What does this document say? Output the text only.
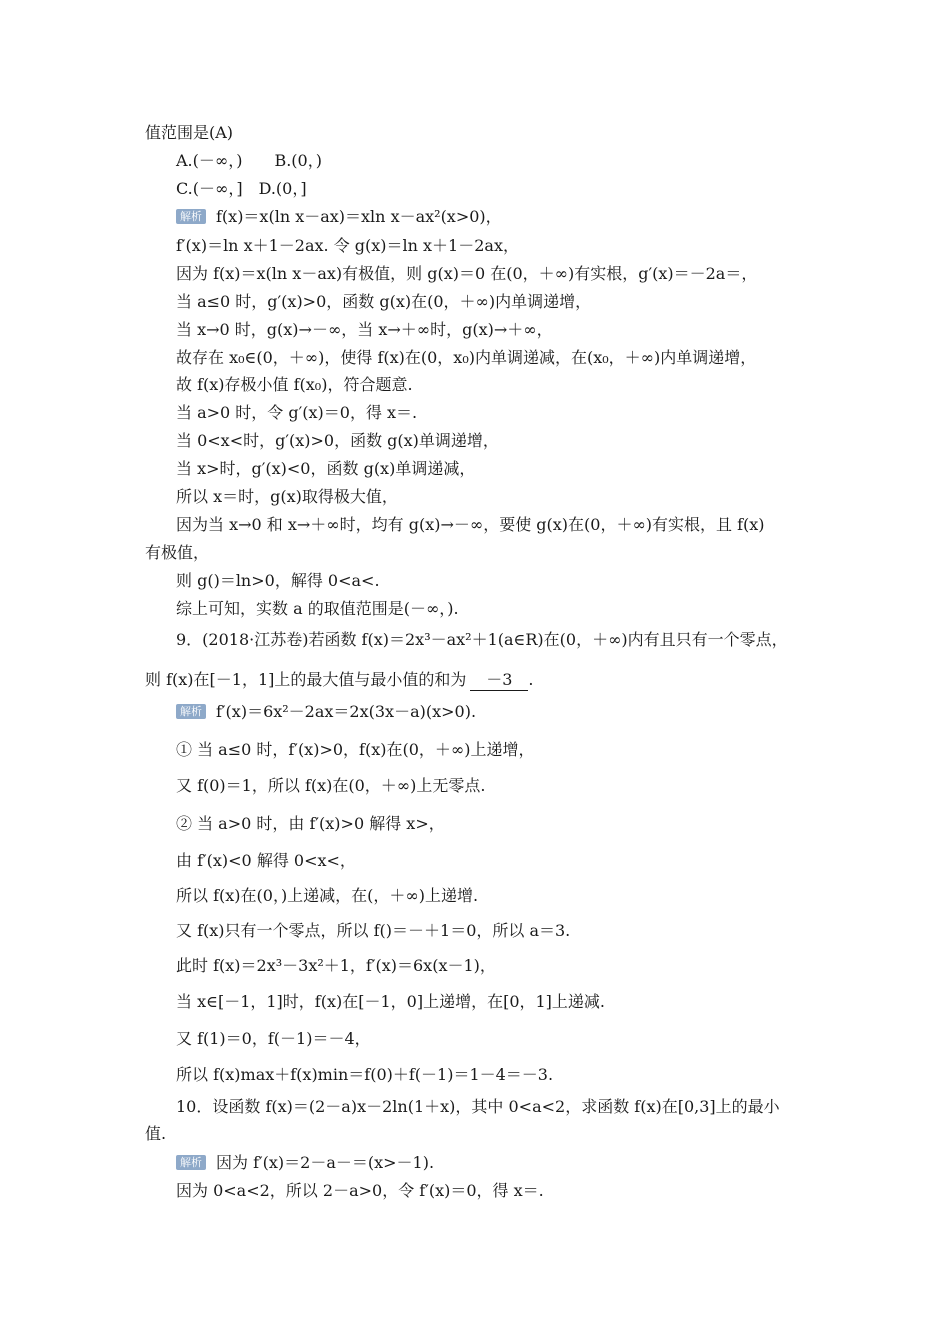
值范围是(A)
A.(－∞，)　　B.(0，)
C.(－∞，]　D.(0，]
解析 f(x)＝x(ln x－ax)＝xln x－ax²(x>0)，
f′(x)＝ln x＋1－2ax. 令 g(x)＝ln x＋1－2ax，
因为 f(x)＝x(ln x－ax)有极值，则 g(x)＝0 在(0，＋∞)有实根，g′(x)＝－2a＝，
当 a≤0 时，g′(x)>0，函数 g(x)在(0，＋∞)内单调递增，
当 x→0 时，g(x)→－∞，当 x→＋∞时，g(x)→＋∞，
故存在 x₀∈(0，＋∞)，使得 f(x)在(0，x₀)内单调递减，在(x₀，＋∞)内单调递增，
故 f(x)存极小值 f(x₀)，符合题意.
当 a>0 时，令 g′(x)＝0，得 x＝.
当 0<x<时，g′(x)>0，函数 g(x)单调递增，
当 x>时，g′(x)<0，函数 g(x)单调递减，
所以 x＝时，g(x)取得极大值，
因为当 x→0 和 x→＋∞时，均有 g(x)→－∞，要使 g(x)在(0，＋∞)有实根，且 f(x)
有极值，
则 g()＝ln>0，解得 0<a<.
综上可知，实数 a 的取值范围是(－∞，).
9．(2018·江苏卷)若函数 f(x)＝2x³－ax²＋1(a∈R)在(0，＋∞)内有且只有一个零点，
则 f(x)在[－1，1]上的最大值与最小值的和为 －3 .
解析 f′(x)＝6x²－2ax＝2x(3x－a)(x>0).
① 当 a≤0 时，f′(x)>0，f(x)在(0，＋∞)上递增，
又 f(0)＝1，所以 f(x)在(0，＋∞)上无零点.
② 当 a>0 时，由 f′(x)>0 解得 x>，
由 f′(x)<0 解得 0<x<，
所以 f(x)在(0，)上递减，在(，＋∞)上递增.
又 f(x)只有一个零点，所以 f()＝－＋1＝0，所以 a＝3.
此时 f(x)＝2x³－3x²＋1，f′(x)＝6x(x－1)，
当 x∈[－1，1]时，f(x)在[－1，0]上递增，在[0，1]上递减.
又 f(1)＝0，f(－1)＝－4，
所以 f(x)max＋f(x)min＝f(0)＋f(－1)＝1－4＝－3.
10．设函数 f(x)＝(2－a)x－2ln(1＋x)，其中 0<a<2，求函数 f(x)在[0,3]上的最小
值.
解析 因为 f′(x)＝2－a－＝(x>－1).
因为 0<a<2，所以 2－a>0，令 f′(x)＝0，得 x＝.
